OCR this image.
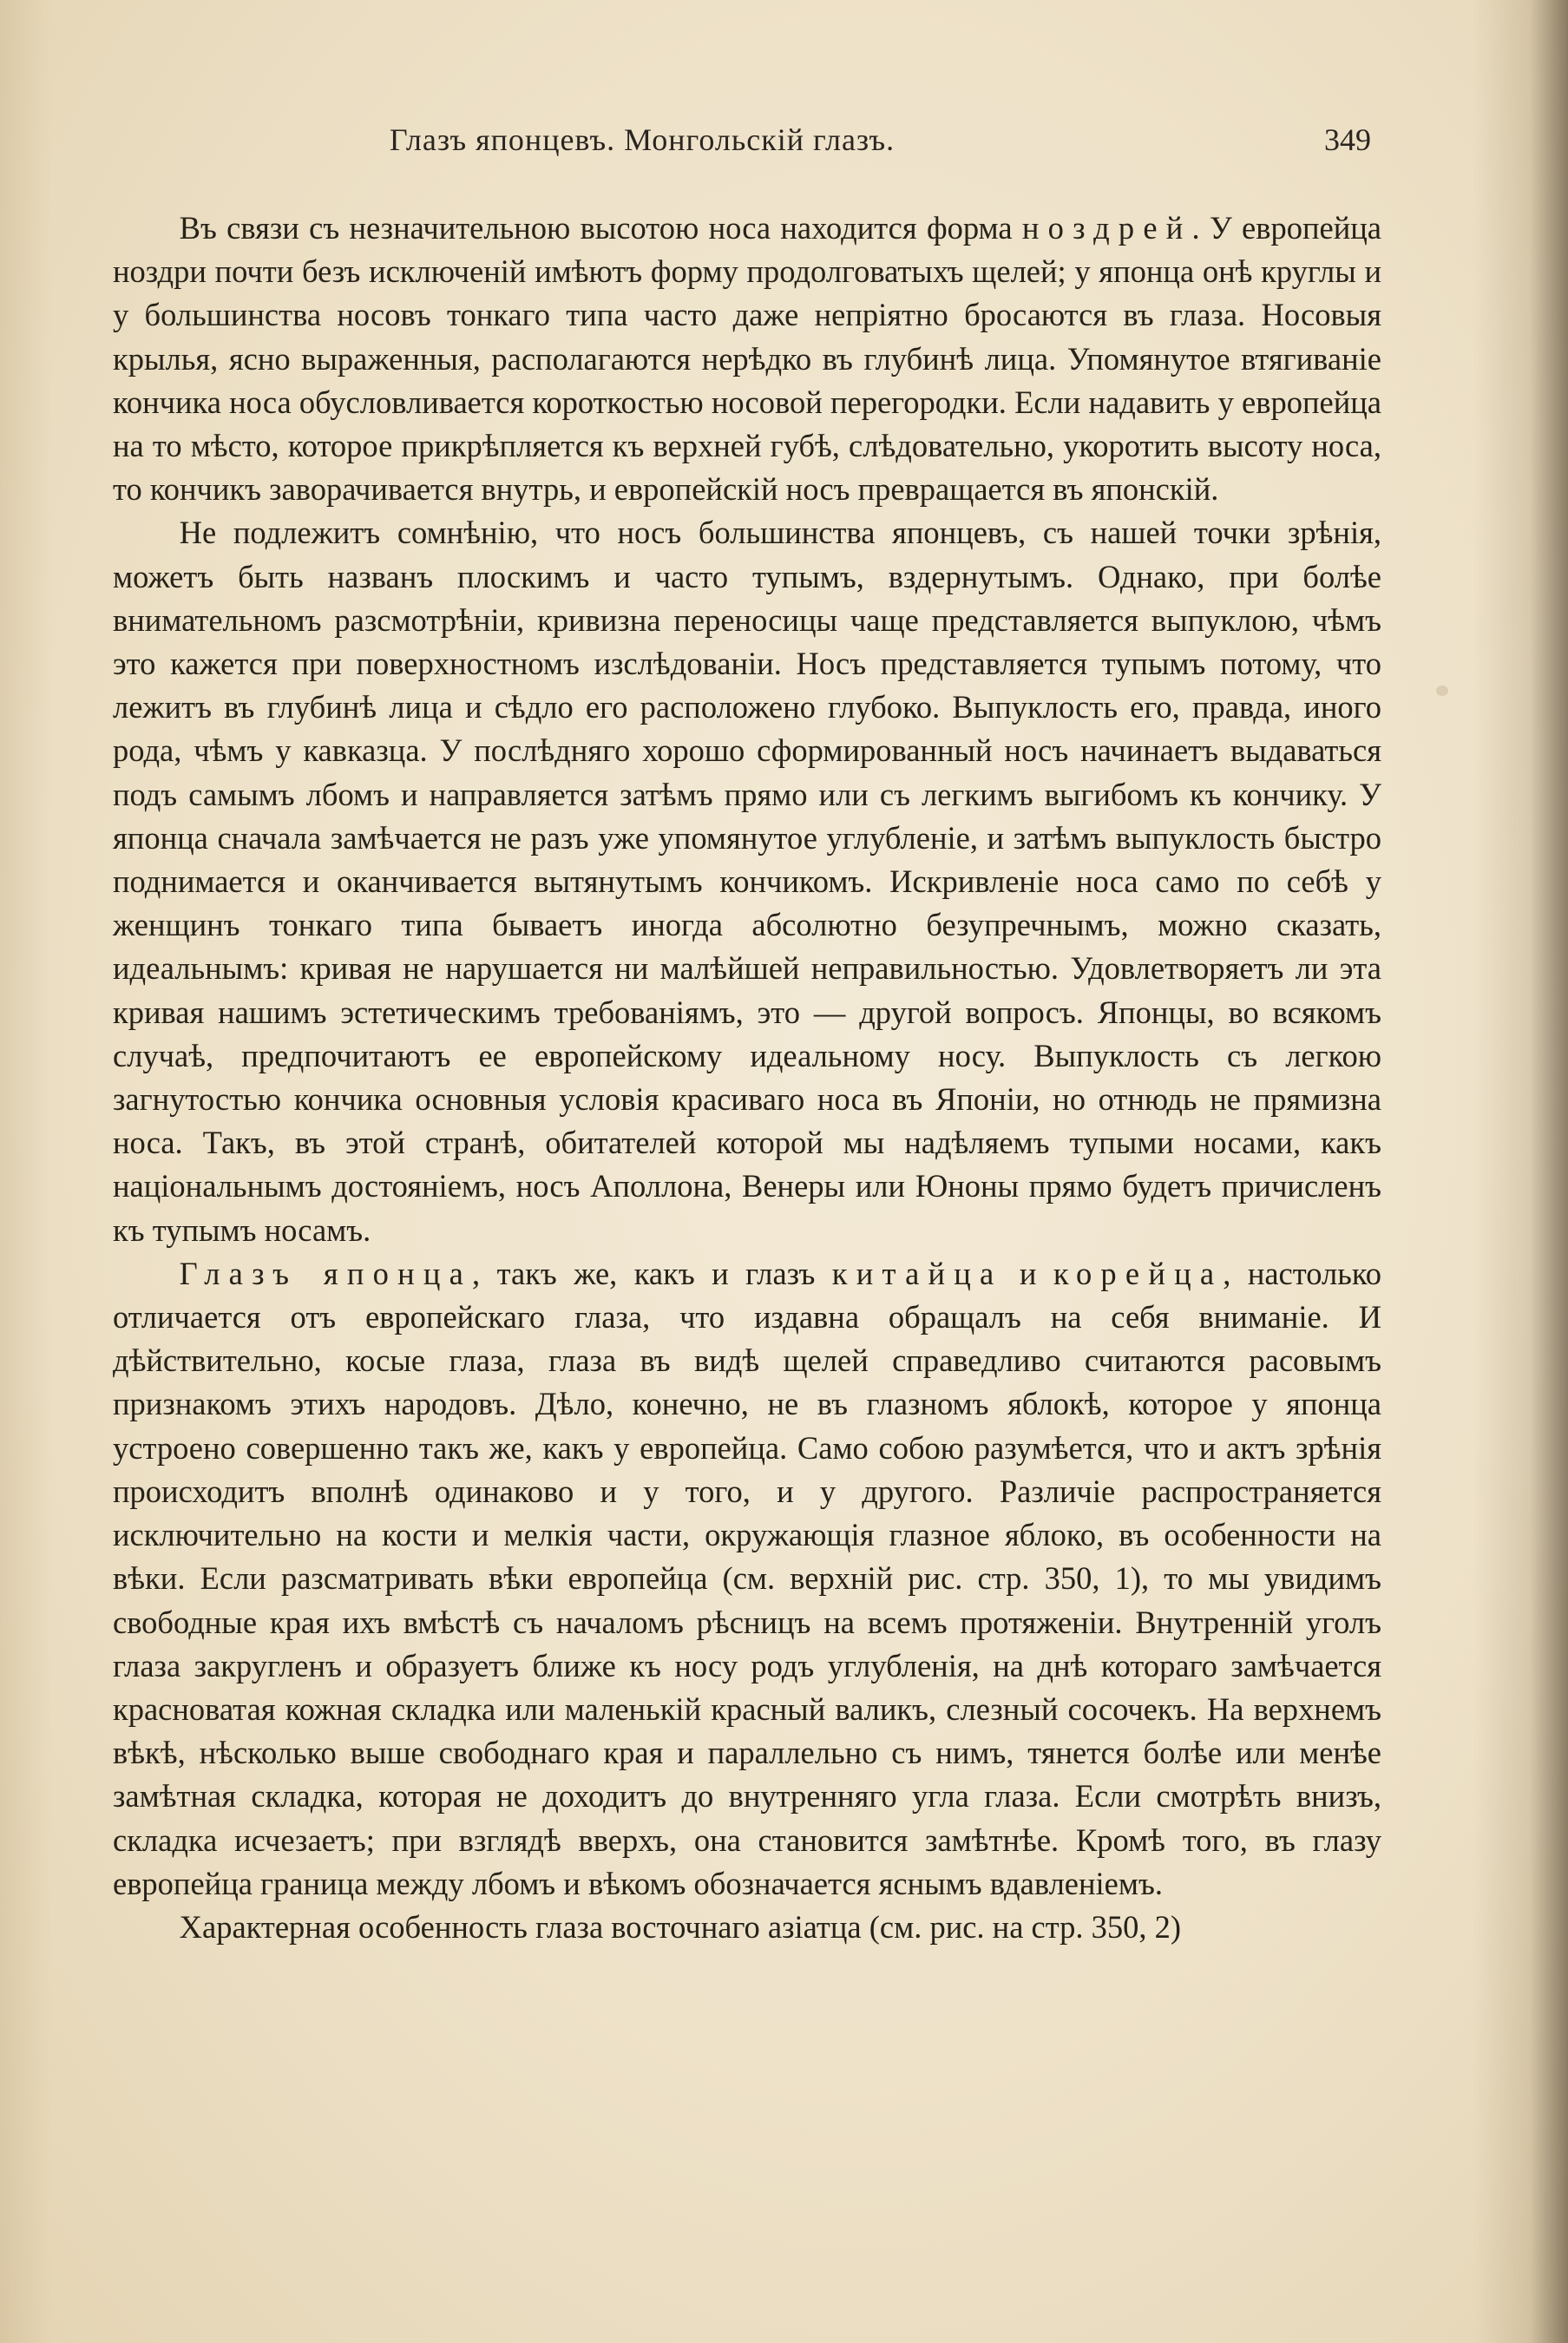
Глазъ японцевъ. Монгольскій глазъ.	349

Въ связи съ незначительною высотою носа находится форма ноздрей. У европейца ноздри почти безъ исключеній имѣютъ форму продолговатыхъ щелей; у японца онѣ круглы и у большинства носовъ тонкаго типа часто даже непріятно бросаются въ глаза. Носовыя крылья, ясно выраженныя, располагаются нерѣдко въ глубинѣ лица. Упомянутое втягиваніе кончика носа обусловливается короткостью носовой перегородки. Если надавить у европейца на то мѣсто, которое прикрѣпляется къ верхней губѣ, слѣдовательно, укоротить высоту носа, то кончикъ заворачивается внутрь, и европейскій носъ превращается въ японскій.

Не подлежитъ сомнѣнію, что носъ большинства японцевъ, съ нашей точки зрѣнія, можетъ быть названъ плоскимъ и часто тупымъ, вздернутымъ. Однако, при болѣе внимательномъ разсмотрѣніи, кривизна переносицы чаще представляется выпуклою, чѣмъ это кажется при поверхностномъ изслѣдованіи. Носъ представляется тупымъ потому, что лежитъ въ глубинѣ лица и сѣдло его расположено глубоко. Выпуклость его, правда, иного рода, чѣмъ у кавказца. У послѣдняго хорошо сформированный носъ начинаетъ выдаваться подъ самымъ лбомъ и направляется затѣмъ прямо или съ легкимъ выгибомъ къ кончику. У японца сначала замѣчается не разъ уже упомянутое углубленіе, и затѣмъ выпуклость быстро поднимается и оканчивается вытянутымъ кончикомъ. Искривленіе носа само по себѣ у женщинъ тонкаго типа бываетъ иногда абсолютно безупречнымъ, можно сказать, идеальнымъ: кривая не нарушается ни малѣйшей неправильностью. Удовлетворяетъ ли эта кривая нашимъ эстетическимъ требованіямъ, это — другой вопросъ. Японцы, во всякомъ случаѣ, предпочитаютъ ее европейскому идеальному носу. Выпуклость съ легкою загнутостью кончика основныя условія красиваго носа въ Японіи, но отнюдь не прямизна носа. Такъ, въ этой странѣ, обитателей которой мы надѣляемъ тупыми носами, какъ національнымъ достояніемъ, носъ Аполлона, Венеры или Юноны прямо будетъ причисленъ къ тупымъ носамъ.

Глазъ японца, такъ же, какъ и глазъ китайца и корейца, настолько отличается отъ европейскаго глаза, что издавна обращалъ на себя вниманіе. И дѣйствительно, косые глаза, глаза въ видѣ щелей справедливо считаются расовымъ признакомъ этихъ народовъ. Дѣло, конечно, не въ глазномъ яблокѣ, которое у японца устроено совершенно такъ же, какъ у европейца. Само собою разумѣется, что и актъ зрѣнія происходитъ вполнѣ одинаково и у того, и у другого. Различіе распространяется исключительно на кости и мелкія части, окружающія глазное яблоко, въ особенности на вѣки. Если разсматривать вѣки европейца (см. верхній рис. стр. 350, 1), то мы увидимъ свободные края ихъ вмѣстѣ съ началомъ рѣсницъ на всемъ протяженіи. Внутренній уголъ глаза закругленъ и образуетъ ближе къ носу родъ углубленія, на днѣ котораго замѣчается красноватая кожная складка или маленькій красный валикъ, слезный сосочекъ. На верхнемъ вѣкѣ, нѣсколько выше свободнаго края и параллельно съ нимъ, тянется болѣе или менѣе замѣтная складка, которая не доходитъ до внутренняго угла глаза. Если смотрѣть внизъ, складка исчезаетъ; при взглядѣ вверхъ, она становится замѣтнѣе. Кромѣ того, въ глазу европейца граница между лбомъ и вѣкомъ обозначается яснымъ вдавленіемъ.

Характерная особенность глаза восточнаго азіатца (см. рис. на стр. 350, 2)
